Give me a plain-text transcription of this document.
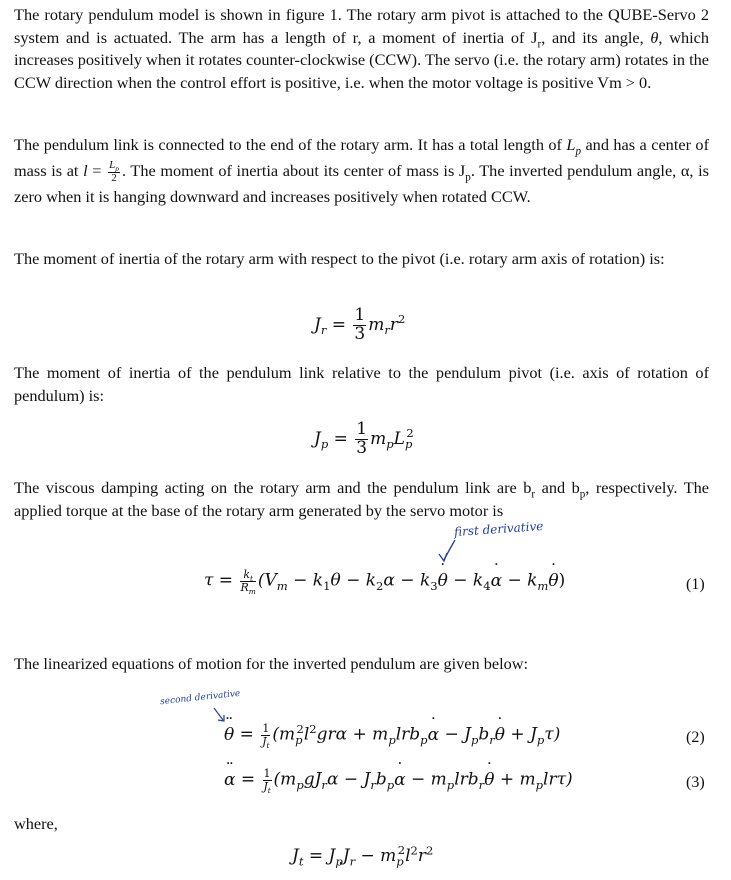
The rotary pendulum model is shown in figure 1. The rotary arm pivot is attached to the QUBE-Servo 2 system and is actuated. The arm has a length of r, a moment of inertia of $J_r$, and its angle, θ, which increases positively when it rotates counter-clockwise (CCW). The servo (i.e. the rotary arm) rotates in the CCW direction when the control effort is positive, i.e. when the motor voltage is positive Vm > 0.

The pendulum link is connected to the end of the rotary arm. It has a total length of $L_p$ and has a center of mass is at $l = \frac{L_p}{2}$ . The moment of inertia about its center of mass is $J_p$. The inverted pendulum angle, α, is zero when it is hanging downward and increases positively when rotated CCW.

The moment of inertia of the rotary arm with respect to the pivot (i.e. rotary arm axis of rotation) is:

$J_r = \frac{1}{3} m_rr^2$

The moment of inertia of the pendulum link relative to the pendulum pivot (i.e. axis of rotation of pendulum) is:

$J_p = \frac{1}{3} m_pL_p^2$

The viscous damping acting on the rotary arm and the pendulum link are $b_r$ and $b_p$, respectively. The applied torque at the base of the rotary arm generated by the servo motor is

first derivative
$\tau = \frac{k_t}{R_m} (V_m - k_1\theta - k_2\alpha - k_3\theta$ ˙ − $k_4\alpha$ ˙ − $k_m\theta$ ˙)	(1)

The linearized equations of motion for the inverted pendulum are given below:

second derivative
θ ¨ = $\frac{1}{J_t} (m_p^2l^2gr\alpha + m_plrb_p\alpha$ ˙ − $J_pb_r\theta$ ˙ + $J_p\tau$)	(2)
α ¨ = $\frac{1}{J_t} (m_pgJ_r\alpha - J_rb_p\alpha$ ˙ − $m_plrb_r\theta$ ˙ + $m_plr\tau$)	(3)

where,

$J_t = J_pJ_r - m_p^2l^2r^2$
